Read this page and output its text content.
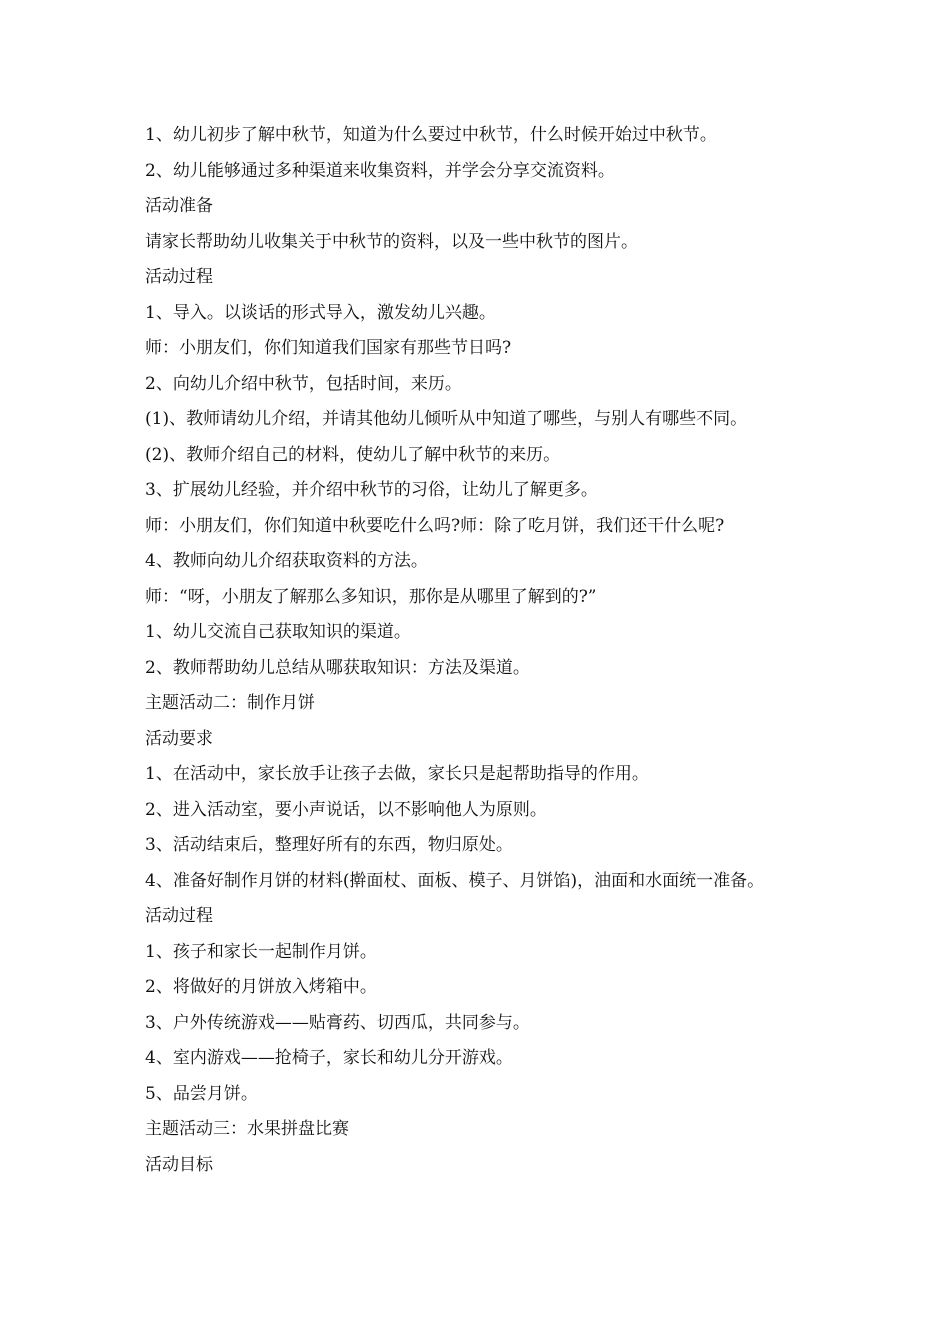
1、幼儿初步了解中秋节，知道为什么要过中秋节，什么时候开始过中秋节。
2、幼儿能够通过多种渠道来收集资料，并学会分享交流资料。
活动准备
请家长帮助幼儿收集关于中秋节的资料，以及一些中秋节的图片。
活动过程
1、导入。以谈话的形式导入，激发幼儿兴趣。
师：小朋友们，你们知道我们国家有那些节日吗?
2、向幼儿介绍中秋节，包括时间，来历。
(1)、教师请幼儿介绍，并请其他幼儿倾听从中知道了哪些，与别人有哪些不同。
(2)、教师介绍自己的材料，使幼儿了解中秋节的来历。
3、扩展幼儿经验，并介绍中秋节的习俗，让幼儿了解更多。
师：小朋友们，你们知道中秋要吃什么吗?师：除了吃月饼，我们还干什么呢?
4、教师向幼儿介绍获取资料的方法。
师：“呀，小朋友了解那么多知识，那你是从哪里了解到的?”
1、幼儿交流自己获取知识的渠道。
2、教师帮助幼儿总结从哪获取知识：方法及渠道。
主题活动二：制作月饼
活动要求
1、在活动中，家长放手让孩子去做，家长只是起帮助指导的作用。
2、进入活动室，要小声说话，以不影响他人为原则。
3、活动结束后，整理好所有的东西，物归原处。
4、准备好制作月饼的材料(擀面杖、面板、模子、月饼馅)，油面和水面统一准备。
活动过程
1、孩子和家长一起制作月饼。
2、将做好的月饼放入烤箱中。
3、户外传统游戏——贴膏药、切西瓜，共同参与。
4、室内游戏——抢椅子，家长和幼儿分开游戏。
5、品尝月饼。
主题活动三：水果拼盘比赛
活动目标
